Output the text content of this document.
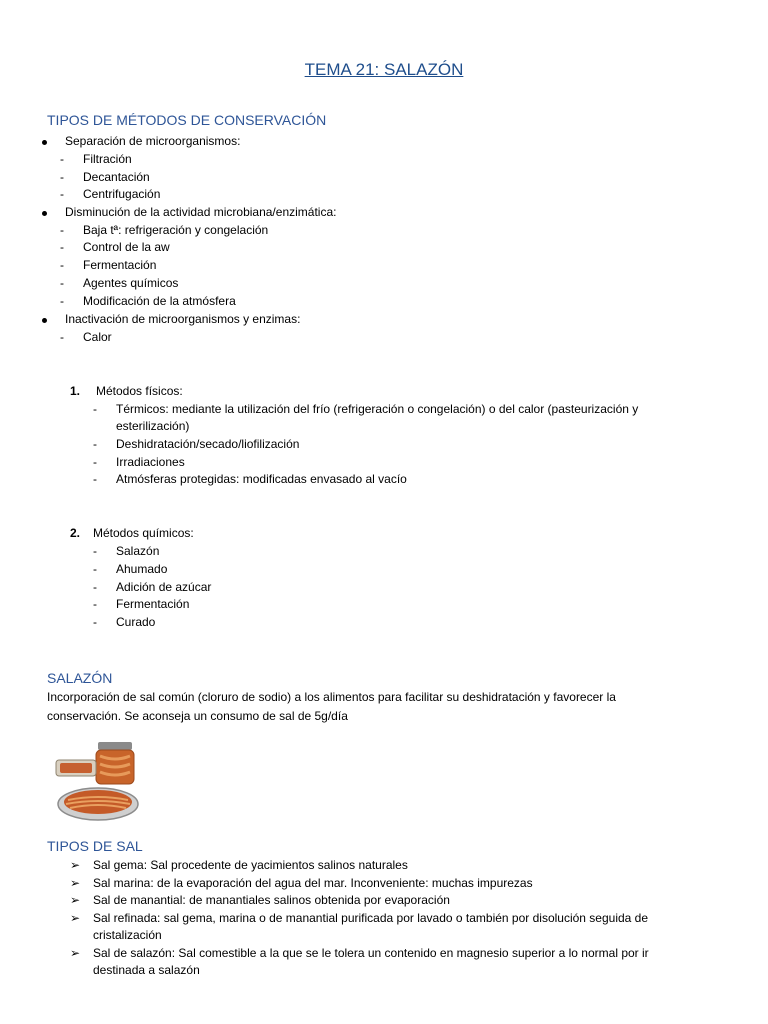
TEMA 21: SALAZÓN
TIPOS DE MÉTODOS DE CONSERVACIÓN
Separación de microorganismos:
- Filtración
- Decantación
- Centrifugación
Disminución de la actividad microbiana/enzimática:
- Baja tª: refrigeración y congelación
- Control de la aw
- Fermentación
- Agentes químicos
- Modificación de la atmósfera
Inactivación de microorganismos y enzimas:
- Calor
1. Métodos físicos:
- Térmicos: mediante la utilización del frío (refrigeración o congelación) o del calor (pasteurización y
esterilización)
- Deshidratación/secado/liofilización
- Irradiaciones
- Atmósferas protegidas: modificadas envasado al vacío
2. Métodos químicos:
- Salazón
- Ahumado
- Adición de azúcar
- Fermentación
- Curado
SALAZÓN
Incorporación de sal común (cloruro de sodio) a los alimentos para facilitar su deshidratación y favorecer la
conservación. Se aconseja un consumo de sal de 5g/día
TIPOS DE SAL
➢ Sal gema: Sal procedente de yacimientos salinos naturales
➢ Sal marina: de la evaporación del agua del mar. Inconveniente: muchas impurezas
➢ Sal de manantial: de manantiales salinos obtenida por evaporación
➢ Sal refinada: sal gema, marina o de manantial purificada por lavado o también por disolución seguida de
cristalización
➢ Sal de salazón: Sal comestible a la que se le tolera un contenido en magnesio superior a lo normal por ir
destinada a salazón
